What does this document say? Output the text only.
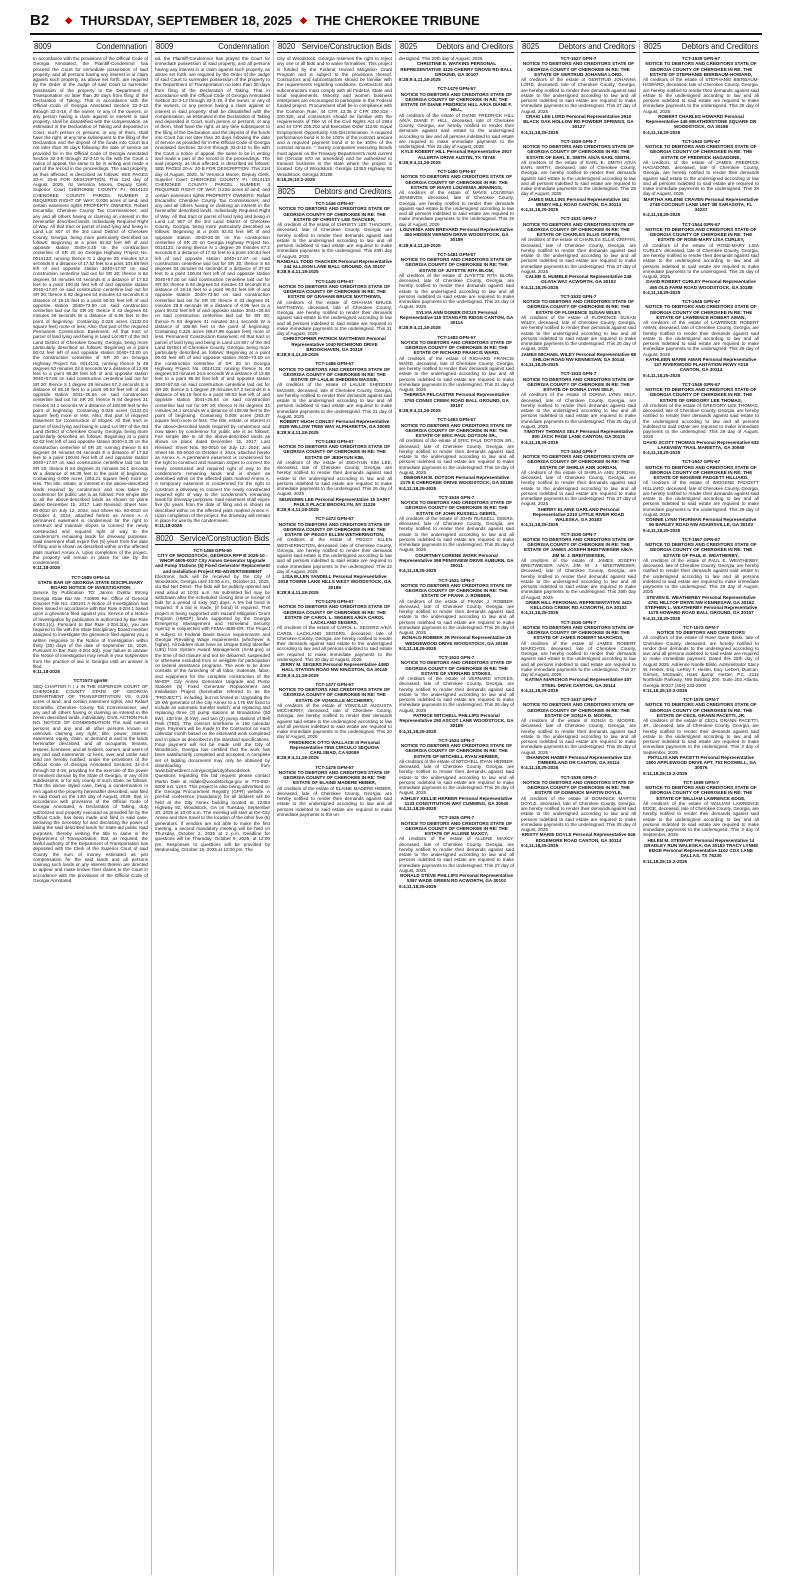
B2 ◆ THURSDAY, SEPTEMBER 18, 2025 ◆ THE CHEROKEE TRIBUNE
8009	Condemnation

In accordance with the provisions of the Official Code of Georgia Annotated, the Plaintiff-Condemnor has proceed the Court for immediate possession of said property, and all persons having any interest in or claim against such property, as above set forth, are required by the Order of the Judge of said Court to surrender possession of the property to the Department of Transportation no later than 30 days from filing of the Declaration of Taking; That in accordance with the Official Code of Georgia Annotated Section 32-3-13 through 32-3-19, if the owner, or any of the owners, or any person having a claim against or interest in said property, shall be dissatisfied with the compensation, as estimated in the Declaration of Taking and deposited in Court, such person or persons, or any of them, shall have the right, at any time subsequent to the filing of the Declaration and the deposit of the funds into Court but not later than 30 days following the date of service as provided for in the Official Code of Georgia Annotated Section 32-3-8 through 32-3-10 to file with the Court a notice of appeal, the same to be in writing and made a part of the record in the proceedings. The said property, as thus affected, is described as follows: SEE PAGES 20-A: 20-B FOR DESCRIPTION. This 21st day of August, 2025. /s/ Veronica Moore, Deputy Clerk, Superior Court CHEROKEE COUNTY P.I. 0014133 CHEROKEE COUNTY PARCEL NUMBER 2 REQUIRED RIGHT OF WAY: 0.026 acres of land; and certain easement rights PROPERTY OWNERS: Robert Escamilla; Cherokee County Tax Commissioner; and any and all others having or claiming an interest in the hereinafter described lands. Individually Required Right of Way: All that tract or parcel of land lying and being in Land Lot 807 of the 3rd Land District of Cherokee County, Georgia, being more particularly described as follows: Beginning at a point 92.62 feet left of and opposite station 3040+3.35 on the construction centerline of SR 20 on Georgia Highway Project No. 0014133; running thence N 1 degree 29 minutes 57.2 seconds E a distance of 17.52 feet to a point 104.88 feet left of and opposite station 3040+17.97 on said construction centerline laid out for SR 20; thence S 84 degrees 04 minutes 04 seconds E a distance of 17.52 feet to a point 100.84 feet left of and opposite station 3040+17.97 on said construction centerline laid out for SR 20; thence S 82 degrees 54 minutes 43 seconds E a distance of 19.16 feet to a point 90.02 feet left of and opposite station 3040+73.50 on said construction centerline laid out for SR 20; thence S 43 degrees 01 minutes 28 seconds W a distance of 6.95 feet to the point of beginning. Containing 0.026 acres (1132.04 square feet) more or less; Also, that part of the required Permanent Construction Easement: All that tract or parcel of land lying and being in Land Lot 807 of the 3rd Land District of Cherokee County, Georgia, being more particularly described as follows: Beginning at a point 90.02 feet left of and opposite station 3040+73.50 on the construction centerline of SR 20 on Georgia Highway Project No. 0014133, running thence N 49 degrees 53 minutes 24.6 seconds W a distance of 13.68 feet to a point 95.38 feet left of and opposite station 3040+57.65 on said construction centerline laid out for SR 20; thence S 1 degree 29 minutes 57.2 seconds E a distance of 65.18 feet to a point 99.03 feet left of and opposite station 3041+26.84 on said construction centerline laid out for SR 20; thence N 84 degrees 31 minutes 34.1 seconds W a distance of 108.96 feet to the point of beginning. Containing 0.026 acres (1132.04 square feet) more or less. Also, that part of required Easement for Construction of Slopes: All that tract or parcel of land lying and being in Land Lot 807 of the 3rd Land District of Cherokee County, Georgia, being more particularly described as follows: Beginning at a point 92.62 feet left of and opposite station 3040+3.35 on the construction centerline of SR 20; running thence S 84 degrees 04 minutes 04 seconds E a distance of 17.52 feet to a point 100.84 feet left of and opposite station 3040+17.97 on said construction centerline laid out for SR 20; thence N 84 degrees 31 minutes 34.1 seconds W a distance of 56.39 feet to the point of beginning. Containing 0.006 acres (263.21 square feet) more or less. The title, estate, or interest in the above-described lands required by condemnor and now taken by condemnor for public use is as follows: Fee simple title to all the above-described lands as shown on plans dated December 15, 2017; Last Revised: Sheet Nos. 60-0010 on July 12, 2024; and Sheet No. 60-0010 on October 4, 2024, attached hereto as Annex A. A permanent easement is condemned for the right to construct and maintain slopes to connect the newly constructed and required right of way to the condemnor's remaining lands for driveway purposes. Said easement shall expire five (5) years from the date of filing and is shown as described within on the affected plats marked Annex A. Upon completion of the project, the property will remain in place for use by the condemnees.

9:11,18-2025

TCT-1589 GPN-14

STATE BAR OF GEORGIA STATE DISCIPLINARY BOARD NOTICE OF INVESTIGATION

Service by Publication TO: Janice Ovetta Strong Georgia State Bar No. 740890 Re: Office of General Counsel File No. 230101 A Notice of Investigation has been issued in accordance with Bar Rule 4-204.1 based upon a grievance filed against you. Service of a Notice of Investigation by publication is authorized by Bar Rule 4-204.1(c). Pursuant to Bar Rule 4-204.3(a), you are required to file with the State Disciplinary Board member assigned to investigate the grievance filed against you a written response to the Notice of Investigation within thirty (30) days of the date of September 18, 2025. Pursuant to Bar Rule 4-204.3(d), your failure to answer the Notice of Investigation may result in your suspension from the practice of law in Georgia until an answer is filed.

9:11,18-2025

TCT1573 gpn59

SEQ CHAPTER h r 1 IN THE SUPERIOR COURT OF CHEROKEE COUNTY STATE OF GEORGIA DEPARTMENT OF TRANSPORTATION VS. 0.226 acres of land; and certain easement rights; and Rafael Escamilla; Cherokee County Tax Commissioner; and any and all others having or claiming an interest in the herein described lands, individually. CIVIL ACTION FILE NO. NOTICE OF CONDEMNATION The said named persons and any and all other persons known or unknown claiming any right, title, power, interest, easement, equity, claim, or demand in and to the lands hereinafter described, and all occupants, tenants, lessees, licensees, and all holders, owners, and users of any and said easements, or liens, over and under said land are hereby notified, under the provisions of the Official Code of Georgia Annotated Sections 32-3-4 through 32-3-19, providing for the exercise of the power of eminent domain by the State of Georgia, or any of its subdivisions, or for any county of such State, as follows: That the above styled case, being a condemnation in rem against the property hereinafter described, was filed in said Court on the 12th day of August, 2025; that, in accordance with provisions of the Official Code of Georgia Annotated, a Declaration of Taking, duly authorized and properly executed as provided for by the Official Code, has been made and filed in said case, declaring the necessity for and disclosing the power of taking the said described lands for State-aid public road purposes, thereby vesting the title to same in the Department of Transportation; that, as required, the lawful authority of the Department of Transportation has deposited with the Clerk of the Superior Court of said County the sum of money estimated as just compensation for the said lands and all persons claiming such lands or any interest therein are directed to appear and make known their claims to the Court in accordance with the provisions of the Official Code of Georgia Annotated.

8009	Condemnation

ed, the Plaintiff-Condemnor has prayed the Court for immediate possession of said property, and all persons having any interest in or claim against such property, as above set forth, are required by the Order of the Judge of said Court to surrender possession of the property to the Department of Transportation no later than 30 days from filing of the Declaration of Taking; That in accordance with the Official Code of Georgia Annotated Section 32-3-13 through 32-3-19, if the owner, or any of the owners, or any person having a claim against or interest in said property, shall be dissatisfied with the compensation, as estimated in the Declaration of Taking and deposited in Court, such person or persons, or any of them, shall have the right, at any time subsequent to the filing of the Declaration and the deposit of the funds into Court but not later than 30 days following the date of service as provided for in the Official Code of Georgia Annotated Sections 32-3-8 through 32-3-10 to file with the Court a notice of appeal, the same to be in writing and made a part of the record in the proceedings. The said property, as thus affected, is described as follows: SEE PAGES 20-A: 20-B FOR DESCRIPTION. This 21st day of August, 2025. /s/ Veronica Moore, Deputy Clerk, Superior Court CHEROKEE COUNTY P.I. 0014133 CHEROKEE COUNTY PARCEL NUMBER 3 REQUIRED RIGHT OF WAY: 0.226 acres of land; and certain easement rights PROPERTY OWNERS: Rafael Escamilla; Cherokee County Tax Commissioner; and any and all others having or claiming an interest in the hereinafter described lands. Individually Required Right of Way: All that tract or parcel of land lying and being in Land Lot 807 of the 3rd Land District of Cherokee County, Georgia, being more particularly described as follows: Beginning at a point 92.62 feet left of and opposite station 3040+20.36 on the construction centerline of SR 20 on Georgia Highway Project No. 0014133; running thence N 1 degree 29 minutes 57.2 seconds E a distance of 17.52 feet to a point 100.84 feet left of and opposite station 3040+17.97 on said construction centerline laid out for SR 20; thence S 84 degrees 04 minutes 04 seconds E a distance of 37.52 feet to a point 100.84 feet left of and opposite station 3040+57.30 on said construction centerline laid out for SR 20; thence S 82 degrees 54 minutes 43 seconds E a distance of 19.16 feet to a point 90.02 feet left of and opposite station 3040+73.50 on said construction centerline laid out for SR 20; thence S 43 degrees 01 minutes 28.8 seconds W a distance of 6.95 feet to a point 90.02 feet left of and opposite station 3041+26.84 on said construction centerline laid out for SR 20; thence N 84 degrees 31 minutes 34.1 seconds W a distance of 108.96 feet to the point of beginning. Containing 0.226 acres (9847.99 square feet) more or less. Permanent Construction Easement: All that tract or parcel of land lying and being in Land Lot 807 of the 3rd Land District of Cherokee County, Georgia, being more particularly described as follows: Beginning at a point 90.02 feet left of and opposite station 3040+73.50 on the construction centerline of SR 20 on Georgia Highway Project No. 0014133; running thence N 49 degrees 53 minutes 24.6 seconds W a distance of 13.68 feet to a point 95.38 feet left of and opposite station 3040+57.65 on said construction centerline laid out for SR 20; thence S 1 degree 29 minutes 57.2 seconds E a distance of 65.18 feet to a point 99.03 feet left of and opposite station 3041+26.84 on said construction centerline laid out for SR 20; thence N 84 degrees 31 minutes 34.1 seconds W a distance of 108.96 feet to the point of beginning. Containing 0.008 acres (363.37 square feet) more or less. The title, estate, or interest in the above-described lands required by condemnor and now taken by condemnor for public use is as follows: Fee simple title to all the above-described lands as shown on plans dated December 15, 2017; Last Revised: Sheet Nos. 60-0010 on July 12, 2024; and Sheet No. 60-0010 on October 4, 2024, attached hereto as Annex A. A permanent easement is condemned for the right to construct and maintain slopes to connect the newly constructed and required right of way to the condemnor's remaining lands and is shown as described within on the affected plats marked Annex A. A temporary easement is condemned for the right to construct a driveway to connect the newly constructed required right of way to the condemnor's remaining lands for driveway purposes. Said easement shall expire five (5) years from the date of filing and is shown as described within on the affected plats marked Annex A. Upon completion of the project, the driveway will remain in place for use by the condemnees.

9:11,18-2025

8020 Service/Construction Bids

TCT-1468 GPN-60

CITY OF WOODSTOCK, GEORGIA RFP B 2025-10 - WHOP 4605-0037 City Annex Generator Upgrade and Pump Stations (5) Fixed Generator Replacement and Installation Project RE-ADVERTISEMENT

Electronic bids will be received by the City of Woodstock, Georgia until 10:00 a.m., October 21, 2025, via Bid Net Direct. The bids will be publicly opened and read aloud at 10:01 a.m. No submitted bid may be withdrawn after the scheduled closing time or receipt of bids for a period of sixty (60) days. A 5% bid bond is required. If a bid is made, (if bond) is required. This project is being supported with Hazard Mitigation Grant Program (HMGP) funds supported by the Georgia Emergency Management and Homeland Security Agency in conjunction with FEMA-4685-DR. The Project is subject to Federal Davis Bacon requirements and Georgia Prevailing Wage requirements (whichever is higher). All bidders must have an Unique Entity Identifier (UEI) from System Award Management (SAM.gov) at the time of bid closure and not be debarred, suspended or otherwise excluded from or ineligible for participation on federal assistance programs. The work to be done consists of the furnishing of all labor, materials, labor, and equipment for the complete construction of the WHOP: City Annex Generator Upgrade and Pump Stations (5) Fixed Generator Replacement and Installation Project (hereinafter referred to as the "PROJECT"), including, but not limited to: Upgrading the 20 kW generator of the City Annex to a 175 kW fixed to include an automatic transfer switch; and replacing and replacing three (3) pump stations at Broadstone (50 kW), 130 kW, (6 kW), and two (2) pump stations of Bell Park (TBD). The contract timeframe is 150 calendar days. Payment will be made to the Contractor on each calendar month based on the estimated work completed and in place as described in the standard specifications. Final payment will not be made until the City of Woodstock, Georgia has certified that the work has been satisfactorily completed and accepted. A complete set of bidding documents may only be obtained by downloading from www.bidnetdirect.com/georgia/cityofwoodstock. Questions regarding this bid request please contact Martin Dale at mdale@woodstockga.gov or 770-592-6000 ext. 1244. This project is also being advertised on the Georgia Procurement Registry (GPR) website. A pre-bid conference (mandatory) for all bidders will be held at the City Annex building located at 12453 Highway 92, Woodstock, GA on Tuesday, September 30, 2025 at 10:00 a.m. The meeting will start at the City Annex and then travel to the location of the other five (5) generators. If vendors are not able to make the first meeting, a second mandatory meeting will be held on Thursday, October 2, 2025 at 2 p.m. Deadline for questions will be Thursday, October 9, 2025, at 12:00 pm. Responses to questions will be provided by Wednesday, October 15, 2025 at 12:00 pm. The

8020 Service/Construction Bids

City of Woodstock, Georgia reserves the right to reject any one or all bids and to waive formalities. This project is funded by the Federal Hazard Mitigation Grant Program and is subject to the provisions thereof. Contractors and subcontractors should be familiar with the requirements regarding conditions. Contractors and subcontractors must comply with all Federal, State and local requirements. Minority and women business enterprises are encouraged to participate in this Federal funded project. Procurement shall be in compliance with the Common Rule, 44 CFR 13.36 2 CFR 200.318 - 200.326, and contractors should be familiar with the requirements of Title VI of the Civil Rights Act of 1964 and 44 CFR 205.202 and Executive Order 11246. Equal Employment Opportunity Anti-Discrimination. A required performance bond is to be 100% of the contract amount and a required payment bond is to be 100% of the contract amount. * Surety companies executing Bonds must appear on the Treasury Department's most current list (Circular 570 as amended) and be authorized to transact business in the state where the project is located. City of Woodstock, Georgia 12453 Highway 92 Woodstock, Georgia 30188

9:18,25;10:2-2025

8025 Debtors and Creditors

TCT-1446 GPN-67

NOTICE TO DEBTORS AND CREDITORS STATE OF GEORGIA COUNTY OF CHEROKEE IN RE: THE ESTATE OF CHRISTY LEE THACKER,

All creditors of the estate of CHRISTY LEE THACKER, deceased, late of Cherokee County, Georgia, are hereby notified to render their demands against said estate to the undersigned according to law and all persons indebted to said estate are required to make immediate payments to the undersigned. This 20th day of August, 2025

RANDALL TODD THACKER Personal Representative 244 ALLISON LANE BALL GROUND, GA 30107

8:28;9:4,11,18-2025

TCT-1445 GPN-67

NOTICE TO DEBTORS AND CREDITORS STATE OF GEORGIA COUNTY OF CHEROKEE IN RE: THE ESTATE OF GRAHAM BRUCE MATTHEWS,

All creditors of the estate of GRAHAM BRUCE MATTHEWS, deceased, late of Cherokee County, Georgia, are hereby notified to render their demands against said estate to the undersigned according to law and all persons indebted to said estate are required to make immediate payments to the undersigned. This 21 day of August, 2025

CHRISTOPHER PATRICK MATTHEWS Personal Representative 1040 RICHMOND DRIVE BROOKHAVEN, GA 30319

8:28;9:4,11,18-2025

TCT-1486 GPN-67

NOTICE TO DEBTORS AND CREDITORS STATE OF GEORGIA COUNTY OF CHEROKEE IN RE: THE ESTATE OF LAULIE SHEDDEN MASSIE,

All creditors of the estate of LAULIE SHEDDEN MASSIE, deceased, late of Cherokee County, Georgia, are hereby notified to render their demands against said estate to the undersigned according to law and all persons indebted to said estate are required to make immediate payments to the undersigned. This 21 day of August, 2025

ROBERT HUGH CONLEY Personal Representative 8189 WILLOW TREE WAY ALPHARETTA, GA 30005

8:28;9:4,11,18-2025

TCT-1493 GPN-67

NOTICE TO DEBTORS AND CREDITORS STATE OF GEORGIA COUNTY OF CHEROKEE IN RE: THE ESTATE OF JEEHYUN KIM,

All creditors of the estate of JEEHYUN KIM LEE, deceased, late of Cherokee County, Georgia, are hereby notified to render their demands against said estate to the undersigned according to law and all persons indebted to said estate are required to make immediate payments to the undersigned. This 26 day of August, 2025

SEUNGMIN LEE Personal Representative 15 SAINT PAULS PLACE BROOKLYN, NY 11226

8:28;9:4,11,18-2025

TCT-1472 GPN-67

NOTICE TO DEBTORS AND CREDITORS STATE OF GEORGIA COUNTY OF CHEROKEE IN RE: THE ESTATE OF PEGGY ELLEN WETHERINGTON,

All creditors of the estate of PEGGY ELLEN WETHERINGTON, deceased, late of Cherokee County, Georgia, are hereby notified to render their demands against said estate to the undersigned according to law and all persons indebted to said estate are required to make immediate payments to the undersigned. This 22 day of August, 2025

LISA ELLEN YANDELL Personal Representative 2018 TOWNE LAKE HILLS WEST WOODSTOCK, GA 30189

8:28;9:4,11,18-2025

TCT-1479 GPN-67

NOTICE TO DEBTORS AND CREDITORS STATE OF GEORGIA COUNTY OF CHEROKEE IN RE: THE ESTATE OF CAROL L. SEGERS A/K/A CAROL LACKLAND SEGERS,

All creditors of the estate of CAROL L. SEGERS A/K/A CAROL LACKLAND SEGERS, deceased, late of Cherokee County, Georgia, are hereby notified to render their demands against said estate to the undersigned according to law and all persons indebted to said estate are required to make immediate payments to the undersigned. This 20 day of August, 2025

JERRY M. SEGERS Personal Representative 449D HALL STATION ROAD NW KINGSTON, GA 30145

8:28;9:4,11,18-2025

TCT-1477 GPN-67

NOTICE TO DEBTORS AND CREDITORS STATE OF GEORGIA COUNTY OF CHEROKEE IN RE: THE ESTATE OF VONCILLE MCCHERRY,

All creditors of the estate of VONCILLE AUGUSTA MCCHERRY, deceased, late of Cherokee County, Georgia, are hereby notified to render their demands against said estate to the undersigned according to law and all persons indebted to said estate are required to make immediate payments to the undersigned. This 20 day of August, 2025

FREDERICK OTTO WALLACE III Personal Representative 7655 CIRCULO SEQUOIA CARLSBAD, CA 92009

8:28;9:4,11,18-2025

TCT-1478 GPN-67

NOTICE TO DEBTORS AND CREDITORS STATE OF GEORGIA COUNTY OF CHEROKEE IN RE: THE ESTATE OF ELAINE MADERE HEBER,

All creditors of the estate of ELAINE MADERE HEBER, deceased, late of Cherokee County, Georgia, are hereby notified to render their demands against said estate to the undersigned according to law and all persons indebted to said estate are required to make immediate payments to the un-

8025 Debtors and Creditors

dersigned. This 20th day of August, 2025

CHRISTINE E. WATKINS PERSONAL REPRESENTATIVE 4125 CHERRY GROVE RD BALL GROUND, GA 30107

8:28;9:4,11,18-2025

TCT-1479 GPN-67

NOTICE TO DEBTORS AND CREDITORS STATE OF GEORGIA COUNTY OF CHEROKEE IN RE: THE ESTATE OF DIANE FREDRICK HILL A/K/A DIANE F. HILL,

All creditors of the estate of DIANE FREDRICK HILL A/K/A DIANE F. HILL, deceased, late of Cherokee County, Georgia, are hereby notified to render their demands against said estate to the undersigned according to law and all persons indebted to said estate are required to make immediate payments to the undersigned. This 22 day of August, 2025

KYLE ROBERT HILL Personal Representative 2917 ALLERTA DRIVE AUSTIN, TX 78748

8:28;9:4,11,18-2025

TCT-1480 GPN-67

NOTICE TO DEBTORS AND CREDITORS STATE OF GEORGIA COUNTY OF CHEROKEE IN RE: THE ESTATE OF MAVIS LOUVENIA JENNINGS,

All creditors of the estate of MAVIS LOUVENIA JENNINGS, deceased, late of Cherokee County, Georgia, are hereby notified to render their demands against said estate to the undersigned according to law and all persons indebted to said estate are required to make immediate payments to the undersigned. This 19 day of August, 2025

LOUVENIA ANN BREVARD Personal Representative 460 HIDDEN VERNON DRIVE WOODSTOCK, GA 30189

8:28;9:4,11,18-2025

TCT-1481 GPN-67

NOTICE TO DEBTORS AND CREDITORS STATE OF GEORGIA COUNTY OF CHEROKEE IN RE: THE ESTATE OF JUYETTE RITA BLOM,

All creditors of the estate of JUYETTE RITA BLOM, deceased, late of Cherokee County, Georgia, are hereby notified to render their demands against said estate to the undersigned according to law and all persons indebted to said estate are required to make immediate payments to the undersigned. This 22 day of August, 2025

SYLVIA ANN DONER DICUS Personal Representative 115 STANGATE RIDGE CANTON, GA 30114

8:28;9:4,11,18-2025

TCT-1482 GPN-67

NOTICE TO DEBTORS AND CREDITORS STATE OF GEORGIA COUNTY OF CHEROKEE IN RE: THE ESTATE OF RICHARD FRANCIS WARD,

All creditors of the estate of RICHARD FRANCIS WARD, deceased, late of Cherokee County, Georgia, are hereby notified to render their demands against said estate to the undersigned according to law and all persons indebted to said estate are required to make immediate payments to the undersigned. This 21 day of August, 2025

THERESA PELCASTRE Personal Representative 3793 CONNS CREEK ROAD BALL GROUND, GA 30107

8:28;9:4,11,18-2025

TCT-1483 GPN-67

NOTICE TO DEBTORS AND CREDITORS STATE OF GEORGIA COUNTY OF CHEROKEE IN RE: THE ESTATE OF ERIC PAUL DOTSON SR.,

All creditors of the estate of ERIC PAUL DOTSON SR., deceased, late of Cherokee County, Georgia, are hereby notified to render their demands against said estate to the undersigned according to law and all persons indebted to said estate are required to make immediate payments to the undersigned. This 19 day of August, 2025

DEBORAH M. DOTSON Personal Representative 2175 E CHEROKEE DRIVE WOODSTOCK, GA 30188

9:4,11,18,25-2025

TCT-1519 GPN-7

NOTICE TO DEBTORS AND CREDITORS STATE OF GEORGIA COUNTY OF CHEROKEE IN RE: THE ESTATE OF JOHN RUSSELL GEERS,

All creditors of the estate of JOHN RUSSELL GEERS, deceased, late of Cherokee County, Georgia, are hereby notified to render their demands against said estate to the undersigned according to law and all persons indebted to said estate are required to make immediate payments to the undersigned. This 25 day of August, 2025

COURTNEY LORENE WORK Personal Representative 398 PENSIVIEW DRIVE AUBURN, GA 30011

9:4,11,18,25-2025

TCT-1521 GPN-7

NOTICE TO DEBTORS AND CREDITORS STATE OF GEORGIA COUNTY OF CHEROKEE IN RE: THE ESTATE OF FRANK J. ROBBER,

All creditors of the estate of FRANK J. ROBBER, deceased, late of Cherokee County, Georgia, are hereby notified to render their demands against said estate to the undersigned according to law and all persons indebted to said estate are required to make immediate payments to the undersigned. This 26 day of August, 2025

RONALD ROBBER JR Personal Representative 25 WEDGEWOOD DRIVE WOODSTOCK, GA 30189

9:4,11,18,25-2025

TCT-1523 GPN-7

NOTICE TO DEBTORS AND CREDITORS STATE OF GEORGIA COUNTY OF CHEROKEE IN RE: THE ESTATE OF VERNARD STOKES,

All creditors of the estate of VERNARD STOKES, deceased, late of Cherokee County, Georgia, are hereby notified to render their demands against said estate to the undersigned according to law and all persons indebted to said estate are required to make immediate payments to the undersigned. This 26 day of August, 2025

PATRICE MITCHELL PHILLIPS Personal Representative 250 ASCOT LANE WOODSTOCK, GA 30189

9:4,11,18,25-2025

TCT-1524 GPN-7

NOTICE TO DEBTORS AND CREDITORS STATE OF GEORGIA COUNTY OF CHEROKEE IN RE: THE ESTATE OF MITCHELL RYAN HERBER,

All creditors of the estate of MITCHELL RYAN HERBER, deceased, late of Cherokee County, Georgia, are hereby notified to render their demands against said estate to the undersigned according to law and all persons indebted to said estate are required to make immediate payments to the undersigned. This 26 day of August, 2025

ASHLEY KELLIE HERBER Personal Representative 1133 CONSTITUTION WAY CUMMING, GA 30040

9:4,11,18,25-2025

TCT-1526 GPN-7

NOTICE TO DEBTORS AND CREDITORS STATE OF GEORGIA COUNTY OF CHEROKEE IN RE: THE ESTATE OF ALLENE MAXCY,

All creditors of the estate of ALLENE MAXCY, deceased, late of Cherokee County, Georgia, are hereby notified to render their demands against said estate to the undersigned according to law and all persons indebted to said estate are required to make immediate payments to the undersigned. This 27 day of August, 2025

RONALD STEVE PHILLIPS Personal Representative 5397 WADE GREEN RD ACWORTH, GA 30102

9:4,11,18,25-2025

8025 Debtors and Creditors

TCT-1527 GPN-7

NOTICE TO DEBTORS AND CREDITORS STATE OF GEORGIA COUNTY OF CHEROKEE IN RE: THE ESTATE OF GERTRUD JOHANNA LORD,

All creditors of the estate of GERTRUD JOHANNA LORD, deceased, late of Cherokee County, Georgia, are hereby notified to render their demands against said estate to the undersigned according to law and all persons indebted to said estate are required to make immediate payments to the undersigned. This 27 day of August, 2025

CRAIG LEE LORD Personal Representative 2910 BLACK OAK HOLLOW RD POWDER SPRINGS, GA 30127

9:4,11,18,25-2025

TCT-1529 GPN-7

NOTICE TO DEBTORS AND CREDITORS STATE OF GEORGIA COUNTY OF CHEROKEE IN RE: THE ESTATE OF EARL E. SMITH A/K/A EARL SMITH,

All creditors of the estate of EARL E. SMITH A/K/A EARL SMITH, deceased, late of Cherokee County, Georgia, are hereby notified to render their demands against said estate to the undersigned according to law and all persons indebted to said estate are required to make immediate payments to the undersigned. This 29 day of August, 2025

JAMES MULLINS Personal Representative 161 WINDY HILL ROAD CANTON, GA 30114

9:4,11,18,25-2025

TCT-1531 GPN-7

NOTICE TO DEBTORS AND CREDITORS STATE OF GEORGIA COUNTY OF CHEROKEE IN RE: THE ESTATE OF CHARLES ELLIS GRIFFIN,

All creditors of the estate of CHARLES ELLIS GRIFFIN, deceased, late of Cherokee County, Georgia, are hereby notified to render their demands against said estate to the undersigned according to law and all persons indebted to said estate are required to make immediate payments to the undersigned. This 27 day of August, 2025

CALEB S. HUMBLE Personal Representative 248 OLIVIA WAY ACWORTH, GA 30102

9:4,11,18,25-2025

TCT-1532 GPN-7

NOTICE TO DEBTORS AND CREDITORS STATE OF GEORGIA COUNTY OF CHEROKEE IN RE: THE ESTATE OF FLORENCE SUSAN WILEY,

All creditors of the estate of FLORENCE SUSAN WILEY, deceased, late of Cherokee County, Georgia, are hereby notified to render their demands against said estate to the undersigned according to law and all persons indebted to said estate are required to make immediate payments to the undersigned. This 26 day of August, 2025

JAMES MICHAEL WILEY Personal Representative 68 SHILOH ROAD NW KENNESAW, GA 30144

9:4,11,18,25-2025

TCT-1533 GPN-7

NOTICE TO DEBTORS AND CREDITORS STATE OF GEORGIA COUNTY OF CHEROKEE IN RE: THE ESTATE OF DONNA LYNN SELF,

All creditors of the estate of DONNA LYNN SELF, deceased, late of Cherokee County, Georgia, are hereby notified to render their demands against said estate to the undersigned according to law and all persons indebted to said estate are required to make immediate payments to the undersigned. This 25 day of August, 2025

TIMOTHY THOMAS SELF Personal Representative 800 JACK PAGE LANE CANTON, GA 30115

9:4,11,18,25-2025

TCT-1534 GPN-7

NOTICE TO DEBTORS AND CREDITORS STATE OF GEORGIA COUNTY OF CHEROKEE IN RE: THE ESTATE OF SHIRLIA ANN JORDAN,

All creditors of the estate of SHIRLIA ANN JORDAN, deceased, late of Cherokee County, Georgia, are hereby notified to render their demands against said estate to the undersigned according to law and all persons indebted to said estate are required to make immediate payments to the undersigned. This 27 day of August, 2025

SHERRY ELAINE GARLAND Personal Representative 2210 LITTLE RIVER ROAD WALESKA, GA 30183

9:4,11,18,25-2025

TCT-1535 GPN-7

NOTICE TO DEBTORS AND CREDITORS STATE OF GEORGIA COUNTY OF CHEROKEE IN RE: THE ESTATE OF JAMES JOSEPH BREITWIESER A/K/A JIM M. J. BREITWIESER,

All creditors of the estate of JAMES JOSEPH BREITWIESER A/K/A JIM M. J. BREITWIESER, deceased, late of Cherokee County, Georgia, are hereby notified to render their demands against said estate to the undersigned according to law and all persons indebted to said estate are required to make immediate payments to the undersigned. This 26th day of August, 2025

GRIER HILL PERSONAL REPRESENTATIVE 3423 KELLOGG CREEK RD ACWORTH, GA 30102

9:4,11,18,25-2025

TCT-1536 GPN-7

NOTICE TO DEBTORS AND CREDITORS STATE OF GEORGIA COUNTY OF CHEROKEE IN RE: THE ESTATE OF JAMES ROBERT NIARCHOS,

All creditors of the estate of JAMES ROBERT NIARCHOS, deceased, late of Cherokee County, Georgia, are hereby notified to render their demands against said estate to the undersigned according to law and all persons indebted to said estate are required to make immediate payments to the undersigned. This 27 day of August, 2025

KATINA NIARCHOS Personal Representative 407 STEEL DRIVE CANTON, GA 30114

9:4,11,18,25-2025

TCT-1537 GPN-7

NOTICE TO DEBTORS AND CREDITORS STATE OF GEORGIA COUNTY OF CHEROKEE IN RE: THE ESTATE OF SONJA D. MOORE,

All creditors of the estate of SONJA D. MOORE, deceased, late of Cherokee County, Georgia, are hereby notified to render their demands against said estate to the undersigned according to law and all persons indebted to said estate are required to make immediate payments to the undersigned. This 26 day of August, 2025

SHANNON HAMBY Personal Representative 113 TIMBERLAND DR CANTON, GA 30114

9:4,11,18,25-2025

TCT-1538 GPN-7

NOTICE TO DEBTORS AND CREDITORS STATE OF GEORGIA COUNTY OF CHEROKEE IN RE: THE ESTATE OF DOMINICK MARTIN DOYLE,

All creditors of the estate of DOMINICK MARTIN DOYLE, deceased, late of Cherokee County, Georgia, are hereby notified to render their demands against said estate to the undersigned according to law and all persons indebted to said estate are required to make immediate payments to the undersigned. This 25 day of August, 2025

KRISTY MARIE DOYLE Personal Representative 546 EDGEMORE ROAD CANTON, GA 30114

9:4,11,18,25-2025

8025	Debtors and Creditors

TCT-1539 GPN-67

NOTICE TO DEBTORS AND CREDITORS STATE OF GEORGIA COUNTY OF CHEROKEE IN RE: THE ESTATE OF STEPHANIE BIERBAUM-HOWARD,

All creditors of the estate of STEPHANIE BIERBAUM-HOWARD, deceased, late of Cherokee County, Georgia, are hereby notified to render their demands against said estate to the undersigned according to law and all persons indebted to said estate are required to make immediate payments to the undersigned. This 28 day of August, 2025

ROBERT CHARLES HOWARD Personal Representative 146 WEATHERSTONE SQUARE DR WOODSTOCK, GA 30188

9:4,11,18,25-2025

TCT-1540 GPN-67

NOTICE TO DEBTORS AND CREDITORS STATE OF GEORGIA COUNTY OF CHEROKEE IN RE: THE ESTATE OF FREDRICK HAGADONE,

All creditors of the estate of JAMES FREDRICK HAGADONE, deceased, late of Cherokee County, Georgia, are hereby notified to render their demands against said estate to the undersigned according to law and all persons indebted to said estate are required to make immediate payments to the undersigned. This 28 day of August, 2025

MARTHA ARLENE CRAVEN Personal Representative 2748 COCONUT LANE UNIT 3B SARASOTA, FL 34237

9:4,11,18,25-2025

TCT-1544 GPN-67

NOTICE TO DEBTORS AND CREDITORS STATE OF GEORGIA COUNTY OF CHEROKEE IN RE: THE ESTATE OF ROSE-MARY LISA CURLEY,

All creditors of the estate of ROSE-MARY LISA CURLEY, deceased, late of Cherokee County, Georgia, are hereby notified to render their demands against said estate to the undersigned according to law and all persons indebted to said estate are required to make immediate payments to the undersigned. This 25 day of August, 2025

DAVID ROBERT CURLEY Personal Representative 365 OLD FARM ROAD WOODSTOCK, GA 30188

9:4,11,18,25-2025

TCT-1545 GPN-67

NOTICE TO DEBTORS AND CREDITORS STATE OF GEORGIA COUNTY OF CHEROKEE IN RE: THE ESTATE OF LAWRENCE ROBERT AMAN,

All creditors of the estate of LAWRENCE ROBERT AMAN, deceased, late of Cherokee County, Georgia, are hereby notified to render their demands against said estate to the undersigned according to law and all persons indebted to said estate are required to make immediate payments to the undersigned. This 29 day of August, 2025

KATHLEEN MARIE AMAN Personal Representative 137 RIVERWOOD PLANTATION PKWY #218 CANTON, GA 30114

9:4,11,18,25-2025

TCT-1546 GPN-67

NOTICE TO DEBTORS AND CREDITORS STATE OF GEORGIA COUNTY OF CHEROKEE IN RE: THE ESTATE OF GREGORY LEE THOMAS,

All creditors of the estate of GREGORY LEE THOMAS, deceased, late of Cherokee County, Georgia, are hereby notified to render their demands against said estate to the undersigned according to law and all persons indebted to said estate are required to make immediate payments to the undersigned. This 29 day of August, 2025

DAVID SCOTT THOMAS Personal Representative 632 LAKEVIEW TRAIL MARIETTA, GA 30068

9:4,11,18,25-2025

TCT-1547 GPN-67

NOTICE TO DEBTORS AND CREDITORS STATE OF GEORGIA COUNTY OF CHEROKEE IN RE: THE ESTATE OF IMOGENE PADGETT HILLIARD,

All creditors of the estate of IMOGENE PADGETT HILLIARD, deceased, late of Cherokee County, Georgia, are hereby notified to render their demands against said estate to the undersigned according to law and all persons indebted to said estate are required to make immediate payments to the undersigned. This 29 day of August, 2025

CONNIE LYNN THURMAN Personal Representative 96 BARLEY ROAD NW ADAIRSVILLE, GA 30103

9:4,11,18,25-2025

TCT-1567 GPN-67

NOTICE TO DEBTORS AND CREDITORS STATE OF GEORGIA COUNTY OF CHEROKEE IN RE: THE ESTATE OF PAUL E. WEATHERBY,

All creditors of the estate of PAUL E. WEATHERBY, deceased, late of Cherokee County, Georgia, are hereby notified to render their demands against said estate to the undersigned according to law and all persons indebted to said estate are required to make immediate payments to the undersigned. This 29 day of August, 2025

STEVEN E. WEATHERBY Personal Representative 4781 HILLTOP DRIVE NW KENNESAW, GA 30152 STEPHEN L. WEATHERBY Personal Representative 1175 HOWARD ROAD BALL GROUND, GA 30107

9:4,11,18,25-2025

TCT-1573 GPN-7

NOTICE TO DEBTORS AND CREDITORS

All creditors of the estate of Rose Gene Bilski, late of Cherokee County, deceased, are hereby notified to render their demands to the undersigned according to law, and all persons indebted to said estate are required to make immediate payment. Dated this 25th day of August 2025. Adrienne Noelle Bilski, Administrator Stacy W. Hester, Esq. LeRoy T. Hester, Esq. Liebert, Duncan, Grimes, McSwain, Hass &amp; Hester, P.C. 2115 Northside Parkway, NW Building 200, Suite 202 Atlanta, Georgia 30327 (404) 233-2900

9:11,18,25;10:2-2025

TCT-1575 GPN-7

NOTICE TO DEBTORS AND CREDITORS STATE OF GEORGIA COUNTY OF CHEROKEE IN RE: THE ESTATE OF CECIL GRANN PACETTI, JR.

All creditors of the estate of CECIL GRANN PACETTI, JR., deceased, late of Cherokee County, Georgia, are hereby notified to render their demands against said estate to the undersigned according to law and all persons indebted to said estate are required to make immediate payments to the undersigned. This 3 day of September, 2025

PHYLLIS ANN PACETTI Personal Representative 1800 APPLEWOOD DRIVE APT. 793 ROSWELL, GA 30076

9:11,18,25;10:2-2025

TCT-1599 GPN-7

NOTICE TO DEBTORS AND CREDITORS STATE OF GEORGIA COUNTY OF CHEROKEE IN RE: THE ESTATE OF WILLIAM LAWRENCE EDGE,

All creditors of the estate of WILLIAM LAWRENCE EDGE, deceased, late of Cherokee County, Georgia, are hereby notified to render their demands against said estate to the undersigned according to law and all persons indebted to said estate are required to make immediate payments to the undersigned. This 3 day of September, 2025

HELEN M. STEWART Personal Representative 14 GRADLEY RUN WALESKA, GA 30183 TRACY LYNNE EDGE Personal Representative 1102 COX LANE DALLAS, TX 75230

9:11,18,25;10:2-2025
